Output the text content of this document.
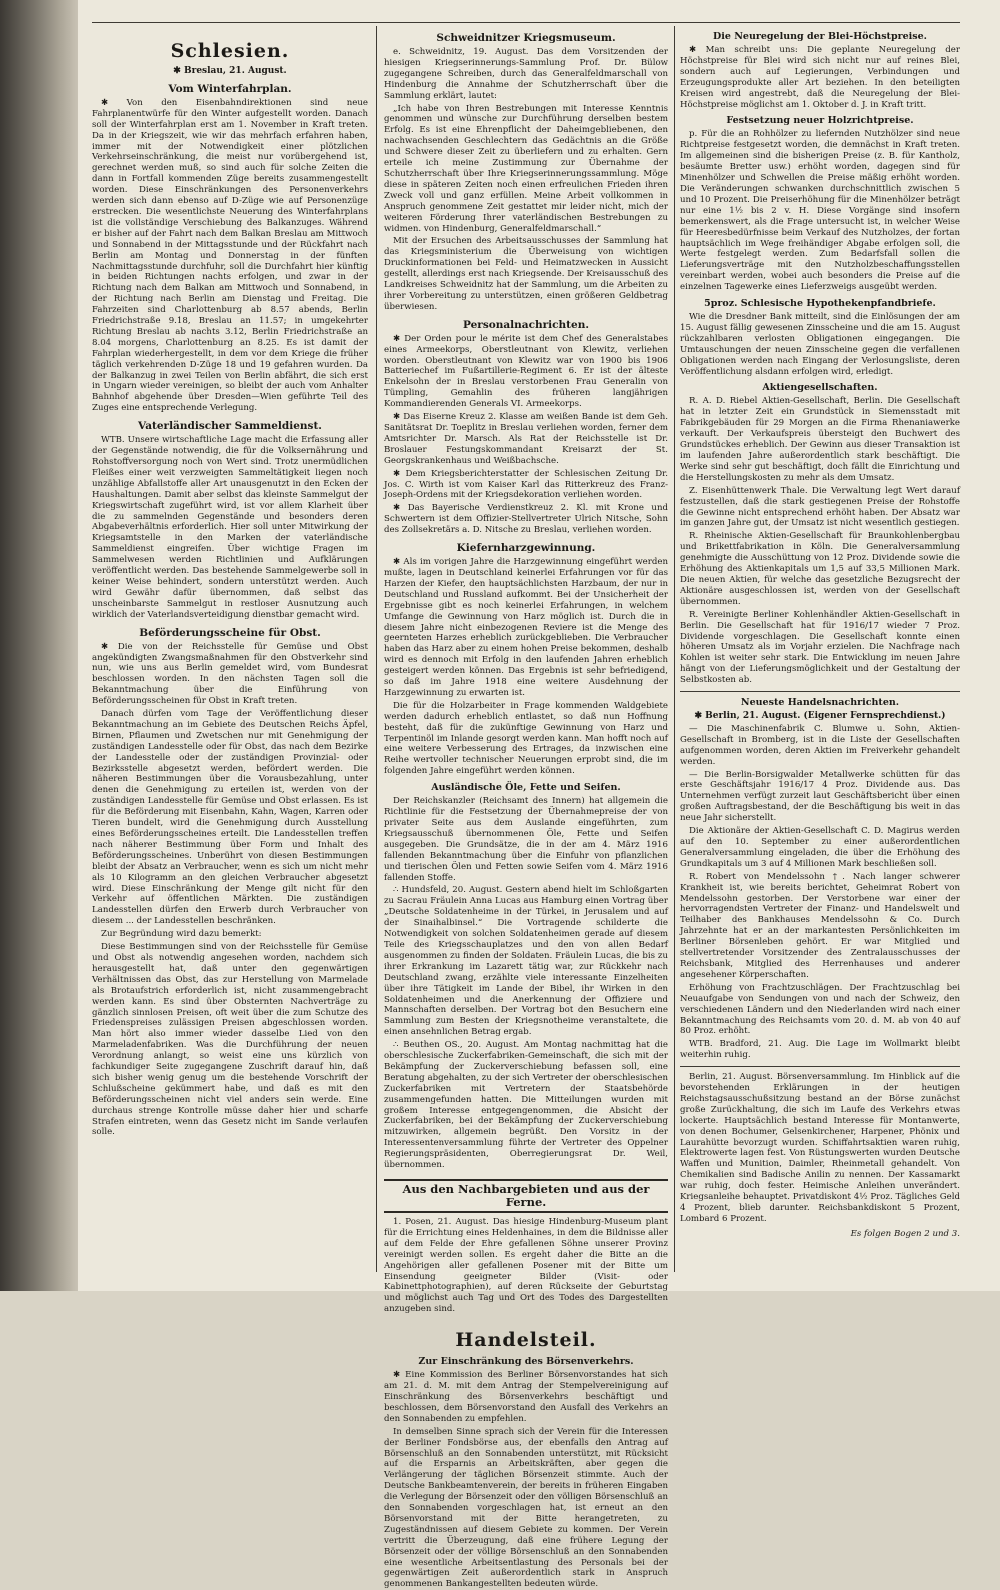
Schlesien.
✱ Breslau, 21. August.
Vom Winterfahrplan.

✱ Von den Eisenbahndirektionen sind neue Fahrplanentwürfe für den Winter aufgestellt worden. Danach soll der Winterfahrplan erst am 1. November in Kraft treten. Da in der Kriegszeit, wie wir das mehrfach erfahren haben, immer mit der Notwendigkeit einer plötzlichen Verkehrseinschränkung, die meist nur vorübergehend ist, gerechnet werden muß, so sind auch für solche Zeiten die dann in Fortfall kommenden Züge bereits zusammengestellt worden. Diese Einschränkungen des Personenverkehrs werden sich dann ebenso auf D-Züge wie auf Personenzüge erstrecken. Die wesentlichste Neuerung des Winterfahrplans ist die vollständige Verschiebung des Balkanzuges. Während er bisher auf der Fahrt nach dem Balkan Breslau am Mittwoch und Sonnabend in der Mittagsstunde und der Rückfahrt nach Berlin am Montag und Donnerstag in der fünften Nachmittagsstunde durchfuhr, soll die Durchfahrt hier künftig in beiden Richtungen nachts erfolgen, und zwar in der Richtung nach dem Balkan am Mittwoch und Sonnabend, in der Richtung nach Berlin am Dienstag und Freitag. Die Fahrzeiten sind Charlottenburg ab 8.57 abends, Berlin Friedrichstraße 9.18, Breslau an 11.57; in umgekehrter Richtung Breslau ab nachts 3.12, Berlin Friedrichstraße an 8.04 morgens, Charlottenburg an 8.25. Es ist damit der Fahrplan wiederhergestellt, in dem vor dem Kriege die früher täglich verkehrenden D-Züge 18 und 19 gefahren wurden. Da der Balkanzug in zwei Teilen von Berlin abfährt, die sich erst in Ungarn wieder vereinigen, so bleibt der auch vom Anhalter Bahnhof abgehende über Dresden—Wien geführte Teil des Zuges eine entsprechende Verlegung.

Vaterländischer Sammeldienst.

WTB. Unsere wirtschaftliche Lage macht die Erfassung aller der Gegenstände notwendig, die für die Volksernährung und Rohstoffversorgung noch von Wert sind. Trotz unermüdlichen Fleißes einer weit verzweigten Sammeltätigkeit liegen noch unzählige Abfallstoffe aller Art unausgenutzt in den Ecken der Haushaltungen. Damit aber selbst das kleinste Sammelgut der Kriegswirtschaft zugeführt wird, ist vor allem Klarheit über die zu sammelnden Gegenstände und besonders deren Abgabeverhältnis erforderlich. Hier soll unter Mitwirkung der Kriegsamtstelle in den Marken der vaterländische Sammeldienst eingreifen. Über wichtige Fragen im Sammelwesen werden Richtlinien und Aufklärungen veröffentlicht werden. Das bestehende Sammelgewerbe soll in keiner Weise behindert, sondern unterstützt werden. Auch wird Gewähr dafür übernommen, daß selbst das unscheinbarste Sammelgut in restloser Ausnutzung auch wirklich der Vaterlandsverteidigung dienstbar gemacht wird.

Beförderungsscheine für Obst.

✱ Die von der Reichsstelle für Gemüse und Obst angekündigten Zwangsmaßnahmen für den Obstverkehr sind nun, wie uns aus Berlin gemeldet wird, vom Bundesrat beschlossen worden. In den nächsten Tagen soll die Bekanntmachung über die Einführung von Beförderungsscheinen für Obst in Kraft treten.

Danach dürfen vom Tage der Veröffentlichung dieser Bekanntmachung an im Gebiete des Deutschen Reichs Äpfel, Birnen, Pflaumen und Zwetschen nur mit Genehmigung der zuständigen Landesstelle oder für Obst, das nach dem Bezirke der Landesstelle oder der zuständigen Provinzial- oder Bezirksstelle abgesetzt werden, befördert werden. Die näheren Bestimmungen über die Vorausbezahlung, unter denen die Genehmigung zu erteilen ist, werden von der zuständigen Landesstelle für Gemüse und Obst erlassen. Es ist für die Beförderung mit Eisenbahn, Kahn, Wagen, Karren oder Tieren bundelt, wird die Genehmigung durch Ausstellung eines Beförderungsscheines erteilt. Die Landesstellen treffen nach näherer Bestimmung über Form und Inhalt des Beförderungsscheines. Unberührt von diesen Bestimmungen bleibt der Absatz an Verbraucher, wenn es sich um nicht mehr als 10 Kilogramm an den gleichen Verbraucher abgesetzt wird. Diese Einschränkung der Menge gilt nicht für den Verkehr auf öffentlichen Märkten. Die zuständigen Landesstellen dürfen den Erwerb durch Verbraucher von diesem ... der Landesstellen beschränken.

Zur Begründung wird dazu bemerkt:

Diese Bestimmungen sind von der Reichsstelle für Gemüse und Obst als notwendig angesehen worden, nachdem sich herausgestellt hat, daß unter den gegenwärtigen Verhältnissen das Obst, das zur Herstellung von Marmelade als Brotaufstrich erforderlich ist, nicht zusammengebracht werden kann. Es sind über Obsternten Nachverträge zu gänzlich sinnlosen Preisen, oft weit über die zum Schutze des Friedenspreises zulässigen Preisen abgeschlossen worden. Man hört also immer wieder dasselbe Lied von den Marmeladenfabriken. Was die Durchführung der neuen Verordnung anlangt, so weist eine uns kürzlich von fachkundiger Seite zugegangene Zuschrift darauf hin, daß sich bisher wenig genug um die bestehende Vorschrift der Schlußscheine gekümmert habe, und daß es mit den Beförderungsscheinen nicht viel anders sein werde. Eine durchaus strenge Kontrolle müsse daher hier und scharfe Strafen eintreten, wenn das Gesetz nicht im Sande verlaufen solle.

Schweidnitzer Kriegsmuseum.

e. Schweidnitz, 19. August. Das dem Vorsitzenden der hiesigen Kriegserinnerungs-Sammlung Prof. Dr. Bülow zugegangene Schreiben, durch das Generalfeldmarschall von Hindenburg die Annahme der Schutzherrschaft über die Sammlung erklärt, lautet:

„Ich habe von Ihren Bestrebungen mit Interesse Kenntnis genommen und wünsche zur Durchführung derselben bestem Erfolg. Es ist eine Ehrenpflicht der Daheimgebliebenen, den nachwachsenden Geschlechtern das Gedächtnis an die Größe und Schwere dieser Zeit zu überliefern und zu erhalten. Gern erteile ich meine Zustimmung zur Übernahme der Schutzherrschaft über Ihre Kriegserinnerungssammlung. Möge diese in späteren Zeiten noch einen erfreulichen Frieden ihren Zweck voll und ganz erfüllen. Meine Arbeit vollkommen in Anspruch genommene Zeit gestattet mir leider nicht, mich der weiteren Förderung Ihrer vaterländischen Bestrebungen zu widmen. von Hindenburg, Generalfeldmarschall.“

Mit der Ersuchen des Arbeitsausschusses der Sammlung hat das Kriegsministerium die Überweisung von wichtigen Druckinformationen bei Feld- und Heimatzwecken in Aussicht gestellt, allerdings erst nach Kriegsende. Der Kreisausschuß des Landkreises Schweidnitz hat der Sammlung, um die Arbeiten zu ihrer Vorbereitung zu unterstützen, einen größeren Geldbetrag überwiesen.

Personalnachrichten.

✱ Der Orden pour le mérite ist dem Chef des Generalstabes eines Armeekorps, Oberstleutnant von Klewitz, verliehen worden. Oberstleutnant von Klewitz war von 1900 bis 1906 Batteriechef im Fußartillerie-Regiment 6. Er ist der älteste Enkelsohn der in Breslau verstorbenen Frau Generalin von Tümpling, Gemahlin des früheren langjährigen Kommandierenden Generals VI. Armeekorps.

✱ Das Eiserne Kreuz 2. Klasse am weißen Bande ist dem Geh. Sanitätsrat Dr. Toeplitz in Breslau verliehen worden, ferner dem Amtsrichter Dr. Marsch. Als Rat der Reichsstelle ist Dr. Broslauer Festungskommandant Kreisarzt der St. Georgskrankenhaus und Weißbachsche.

✱ Dem Kriegsberichterstatter der Schlesischen Zeitung Dr. Jos. C. Wirth ist vom Kaiser Karl das Ritterkreuz des Franz-Joseph-Ordens mit der Kriegsdekoration verliehen worden.

✱ Das Bayerische Verdienstkreuz 2. Kl. mit Krone und Schwertern ist dem Offizier-Stellvertreter Ulrich Nitsche, Sohn des Zollsekretärs a. D. Nitsche zu Breslau, verliehen worden.

Kiefernharzgewinnung.

✱ Als im vorigen Jahre die Harzgewinnung eingeführt werden mußte, lagen in Deutschland keinerlei Erfahrungen vor für das Harzen der Kiefer, den hauptsächlichsten Harzbaum, der nur in Deutschland und Russland aufkommt. Bei der Unsicherheit der Ergebnisse gibt es noch keinerlei Erfahrungen, in welchem Umfange die Gewinnung von Harz möglich ist. Durch die in diesem Jahre nicht einbezogenen Reviere ist die Menge des geernteten Harzes erheblich zurückgeblieben. Die Verbraucher haben das Harz aber zu einem hohen Preise bekommen, deshalb wird es dennoch mit Erfolg in den laufenden Jahren erheblich gesteigert werden können. Das Ergebnis ist sehr befriedigend, so daß im Jahre 1918 eine weitere Ausdehnung der Harzgewinnung zu erwarten ist.

Die für die Holzarbeiter in Frage kommenden Waldgebiete werden dadurch erheblich entlastet, so daß nun Hoffnung besteht, daß für die zukünftige Gewinnung von Harz und Terpentinöl im Inlande gesorgt werden kann. Man hofft noch auf eine weitere Verbesserung des Ertrages, da inzwischen eine Reihe wertvoller technischer Neuerungen erprobt sind, die im folgenden Jahre eingeführt werden können.

Ausländische Öle, Fette und Seifen.

Der Reichskanzler (Reichsamt des Innern) hat allgemein die Richtlinie für die Festsetzung der Übernahmepreise der von privater Seite aus dem Auslande eingeführten, zum Kriegsausschuß übernommenen Öle, Fette und Seifen ausgegeben. Die Grundsätze, die in der am 4. März 1916 fallenden Bekanntmachung über die Einfuhr von pflanzlichen und tierischen Ölen und Fetten sowie Seifen vom 4. März 1916 fallenden Stoffe.

∴ Hundsfeld, 20. August. Gestern abend hielt im Schloßgarten zu Sacrau Fräulein Anna Lucas aus Hamburg einen Vortrag über „Deutsche Soldatenheime in der Türkei, in Jerusalem und auf der Sinaihalbinsel.“ Die Vortragende schilderte die Notwendigkeit von solchen Soldatenheimen gerade auf diesem Teile des Kriegsschauplatzes und den von allen Bedarf ausgenommen zu finden der Soldaten. Fräulein Lucas, die bis zu ihrer Erkrankung im Lazarett tätig war, zur Rückkehr nach Deutschland zwang, erzählte viele interessante Einzelheiten über ihre Tätigkeit im Lande der Bibel, ihr Wirken in den Soldatenheimen und die Anerkennung der Offiziere und Mannschaften derselben. Der Vortrag bot den Besuchern eine Sammlung zum Besten der Kriegsnotheime veranstaltete, die einen ansehnlichen Betrag ergab.

∴ Beuthen OS., 20. August. Am Montag nachmittag hat die oberschlesische Zuckerfabriken-Gemeinschaft, die sich mit der Bekämpfung der Zuckerverschiebung befassen soll, eine Beratung abgehalten, zu der sich Vertreter der oberschlesischen Zuckerfabriken mit Vertretern der Staatsbehörde zusammengefunden hatten. Die Mitteilungen wurden mit großem Interesse entgegengenommen, die Absicht der Zuckerfabriken, bei der Bekämpfung der Zuckerverschiebung mitzuwirken, allgemein begrüßt. Den Vorsitz in der Interessentenversammlung führte der Vertreter des Oppelner Regierungspräsidenten, Oberregierungsrat Dr. Weil, übernommen.

Aus den Nachbargebieten und aus der Ferne.

1. Posen, 21. August. Das hiesige Hindenburg-Museum plant für die Errichtung eines Heldenhaines, in dem die Bildnisse aller auf dem Felde der Ehre gefallenen Söhne unserer Provinz vereinigt werden sollen. Es ergeht daher die Bitte an die Angehörigen aller gefallenen Posener mit der Bitte um Einsendung geeigneter Bilder (Visit- oder Kabinettphotographien), auf deren Rückseite der Geburtstag und möglichst auch Tag und Ort des Todes des Dargestellten anzugeben sind.

Handelsteil.
Zur Einschränkung des Börsenverkehrs.

✱ Eine Kommission des Berliner Börsenvorstandes hat sich am 21. d. M. mit dem Antrag der Stempelvereinigung auf Einschränkung des Börsenverkehrs beschäftigt und beschlossen, dem Börsenvorstand den Ausfall des Verkehrs an den Sonnabenden zu empfehlen.

In demselben Sinne sprach sich der Verein für die Interessen der Berliner Fondsbörse aus, der ebenfalls den Antrag auf Börsenschluß an den Sonnabenden unterstützt, mit Rücksicht auf die Ersparnis an Arbeitskräften, aber gegen die Verlängerung der täglichen Börsenzeit stimmte. Auch der Deutsche Bankbeamtenverein, der bereits in früheren Eingaben die Verlegung der Börsenzeit oder den völligen Börsenschluß an den Sonnabenden vorgeschlagen hat, ist erneut an den Börsenvorstand mit der Bitte herangetreten, zu Zugeständnissen auf diesem Gebiete zu kommen. Der Verein vertritt die Überzeugung, daß eine frühere Legung der Börsenzeit oder der völlige Börsenschluß an den Sonnabenden eine wesentliche Arbeitsentlastung des Personals bei der gegenwärtigen Zeit außerordentlich stark in Anspruch genommenen Bankangestellten bedeuten würde.

Die Neuregelung der Blei-Höchstpreise.

✱ Man schreibt uns: Die geplante Neuregelung der Höchstpreise für Blei wird sich nicht nur auf reines Blei, sondern auch auf Legierungen, Verbindungen und Erzeugungsprodukte aller Art beziehen. In den beteiligten Kreisen wird angestrebt, daß die Neuregelung der Blei-Höchstpreise möglichst am 1. Oktober d. J. in Kraft tritt.

Festsetzung neuer Holzrichtpreise.

p. Für die an Rohhölzer zu liefernden Nutzhölzer sind neue Richtpreise festgesetzt worden, die demnächst in Kraft treten. Im allgemeinen sind die bisherigen Preise (z. B. für Kantholz, besäumte Bretter usw.) erhöht worden, dagegen sind für Minenhölzer und Schwellen die Preise mäßig erhöht worden. Die Veränderungen schwanken durchschnittlich zwischen 5 und 10 Prozent. Die Preiserhöhung für die Minenhölzer beträgt nur eine 1½ bis 2 v. H. Diese Vorgänge sind insofern bemerkenswert, als die Frage untersucht ist, in welcher Weise für Heeresbedürfnisse beim Verkauf des Nutzholzes, der fortan hauptsächlich im Wege freihändiger Abgabe erfolgen soll, die Werte festgelegt werden. Zum Bedarfsfall sollen die Lieferungsverträge mit den Nutzholzbeschaffungsstellen vereinbart werden, wobei auch besonders die Preise auf die einzelnen Tagewerke eines Lieferzweigs ausgeübt werden.

5proz. Schlesische Hypothekenpfandbriefe.

Wie die Dresdner Bank mitteilt, sind die Einlösungen der am 15. August fällig gewesenen Zinsscheine und die am 15. August rückzahlbaren verlosten Obligationen eingegangen. Die Umtauschungen der neuen Zinsscheine gegen die verfallenen Obligationen werden nach Eingang der Verlosungsliste, deren Veröffentlichung alsdann erfolgen wird, erledigt.

Aktiengesellschaften.

R. A. D. Riebel Aktien-Gesellschaft, Berlin. Die Gesellschaft hat in letzter Zeit ein Grundstück in Siemensstadt mit Fabrikgebäuden für 29 Morgen an die Firma Rhenaniawerke verkauft. Der Verkaufspreis übersteigt den Buchwert des Grundstückes erheblich. Der Gewinn aus dieser Transaktion ist im laufenden Jahre außerordentlich stark beschäftigt. Die Werke sind sehr gut beschäftigt, doch fällt die Einrichtung und die Herstellungskosten zu mehr als dem Umsatz.

Z. Eisenhüttenwerk Thale. Die Verwaltung legt Wert darauf festzustellen, daß die stark gestiegenen Preise der Rohstoffe die Gewinne nicht entsprechend erhöht haben. Der Absatz war im ganzen Jahre gut, der Umsatz ist nicht wesentlich gestiegen.

R. Rheinische Aktien-Gesellschaft für Braunkohlenbergbau und Brikettfabrikation in Köln. Die Generalversammlung genehmigte die Ausschüttung von 12 Proz. Dividende sowie die Erhöhung des Aktienkapitals um 1,5 auf 33,5 Millionen Mark. Die neuen Aktien, für welche das gesetzliche Bezugsrecht der Aktionäre ausgeschlossen ist, werden von der Gesellschaft übernommen.

R. Vereinigte Berliner Kohlenhändler Aktien-Gesellschaft in Berlin. Die Gesellschaft hat für 1916/17 wieder 7 Proz. Dividende vorgeschlagen. Die Gesellschaft konnte einen höheren Umsatz als im Vorjahr erzielen. Die Nachfrage nach Kohlen ist weiter sehr stark. Die Entwicklung im neuen Jahre hängt von der Lieferungsmöglichkeit und der Gestaltung der Selbstkosten ab.

Neueste Handelsnachrichten.
✱ Berlin, 21. August. (Eigener Fernsprechdienst.)

— Die Maschinenfabrik C. Blumwe u. Sohn, Aktien-Gesellschaft in Bromberg, ist in die Liste der Gesellschaften aufgenommen worden, deren Aktien im Freiverkehr gehandelt werden.

— Die Berlin-Borsigwalder Metallwerke schütten für das erste Geschäftsjahr 1916/17 4 Proz. Dividende aus. Das Unternehmen verfügt zurzeit laut Geschäftsbericht über einen großen Auftragsbestand, der die Beschäftigung bis weit in das neue Jahr sicherstellt.

Die Aktionäre der Aktien-Gesellschaft C. D. Magirus werden auf den 10. September zu einer außerordentlichen Generalversammlung eingeladen, die über die Erhöhung des Grundkapitals um 3 auf 4 Millionen Mark beschließen soll.

R. Robert von Mendelssohn †. Nach langer schwerer Krankheit ist, wie bereits berichtet, Geheimrat Robert von Mendelssohn gestorben. Der Verstorbene war einer der hervorragendsten Vertreter der Finanz- und Handelswelt und Teilhaber des Bankhauses Mendelssohn & Co. Durch Jahrzehnte hat er an der markantesten Persönlichkeiten im Berliner Börsenleben gehört. Er war Mitglied und stellvertretender Vorsitzender des Zentralausschusses der Reichsbank, Mitglied des Herrenhauses und anderer angesehener Körperschaften.

Erhöhung von Frachtzuschlägen. Der Frachtzuschlag bei Neuaufgabe von Sendungen von und nach der Schweiz, den verschiedenen Ländern und den Niederlanden wird nach einer Bekanntmachung des Reichsamts vom 20. d. M. ab von 40 auf 80 Proz. erhöht.

WTB. Bradford, 21. Aug. Die Lage im Wollmarkt bleibt weiterhin ruhig.

Berlin, 21. August. Börsenversammlung. Im Hinblick auf die bevorstehenden Erklärungen in der heutigen Reichstagsausschußsitzung bestand an der Börse zunächst große Zurückhaltung, die sich im Laufe des Verkehrs etwas lockerte. Hauptsächlich bestand Interesse für Montanwerte, von denen Bochumer, Gelsenkirchener, Harpener, Phönix und Laurahütte bevorzugt wurden. Schiffahrtsaktien waren ruhig, Elektrowerte lagen fest. Von Rüstungswerten wurden Deutsche Waffen und Munition, Daimler, Rheinmetall gehandelt. Von Chemikalien sind Badische Anilin zu nennen. Der Kassamarkt war ruhig, doch fester. Heimische Anleihen unverändert. Kriegsanleihe behauptet. Privatdiskont 4½ Proz. Tägliches Geld 4 Prozent, blieb darunter. Reichsbankdiskont 5 Prozent, Lombard 6 Prozent.

Es folgen Bogen 2 und 3.
